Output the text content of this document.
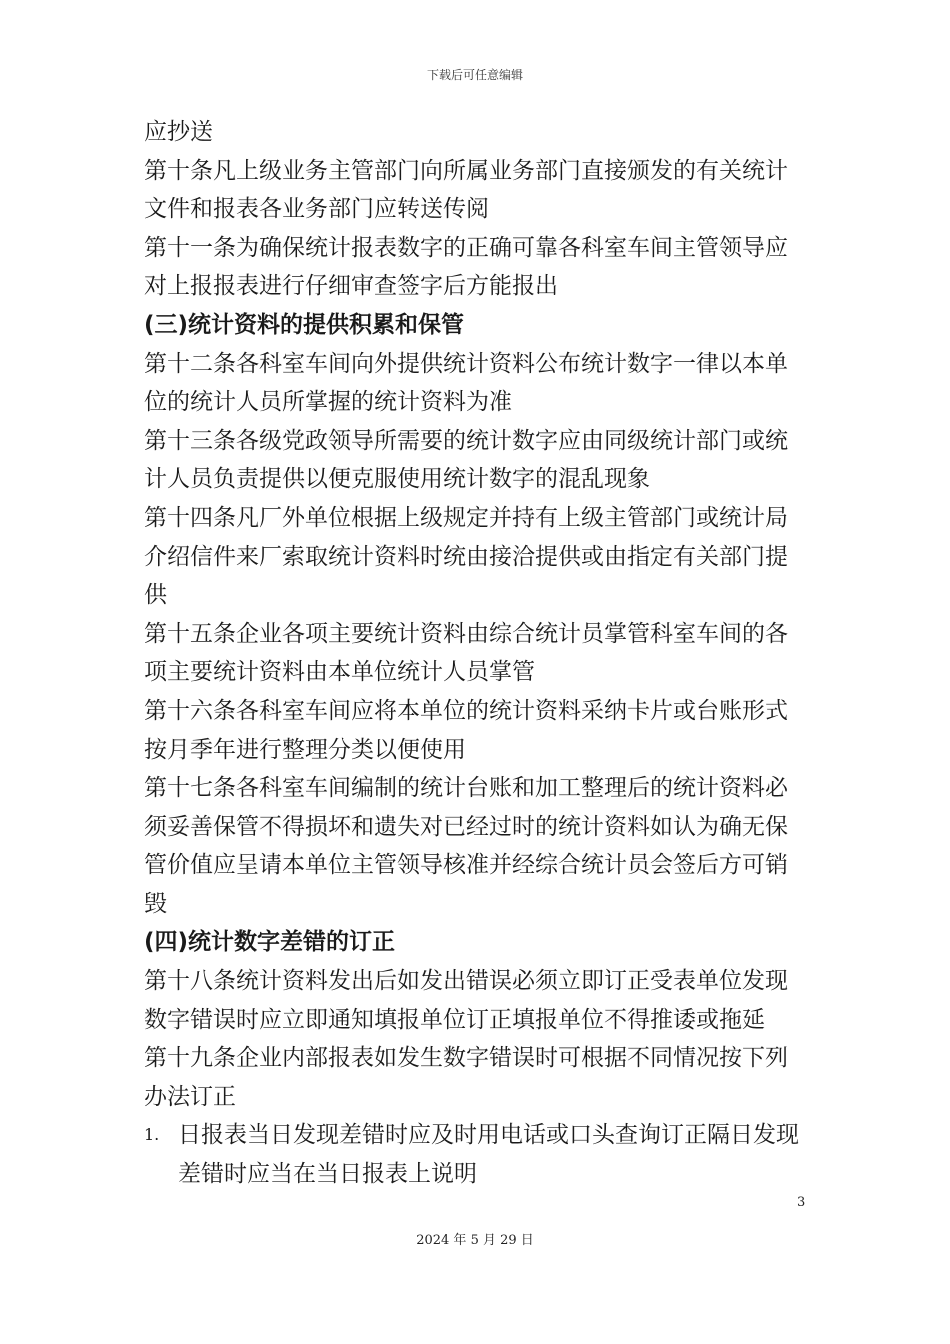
下载后可任意编辑
应抄送
第十条凡上级业务主管部门向所属业务部门直接颁发的有关统计
文件和报表各业务部门应转送传阅
第十一条为确保统计报表数字的正确可靠各科室车间主管领导应
对上报报表进行仔细审查签字后方能报出
(三)统计资料的提供积累和保管
第十二条各科室车间向外提供统计资料公布统计数字一律以本单
位的统计人员所掌握的统计资料为准
第十三条各级党政领导所需要的统计数字应由同级统计部门或统
计人员负责提供以便克服使用统计数字的混乱现象
第十四条凡厂外单位根据上级规定并持有上级主管部门或统计局
介绍信件来厂索取统计资料时统由接洽提供或由指定有关部门提
供
第十五条企业各项主要统计资料由综合统计员掌管科室车间的各
项主要统计资料由本单位统计人员掌管
第十六条各科室车间应将本单位的统计资料采纳卡片或台账形式
按月季年进行整理分类以便使用
第十七条各科室车间编制的统计台账和加工整理后的统计资料必
须妥善保管不得损坏和遗失对已经过时的统计资料如认为确无保
管价值应呈请本单位主管领导核准并经综合统计员会签后方可销
毁
(四)统计数字差错的订正
第十八条统计资料发出后如发出错误必须立即订正受表单位发现
数字错误时应立即通知填报单位订正填报单位不得推诿或拖延
第十九条企业内部报表如发生数字错误时可根据不同情况按下列
办法订正
1. 日报表当日发现差错时应及时用电话或口头查询订正隔日发现
差错时应当在当日报表上说明
3
2024 年 5 月 29 日
